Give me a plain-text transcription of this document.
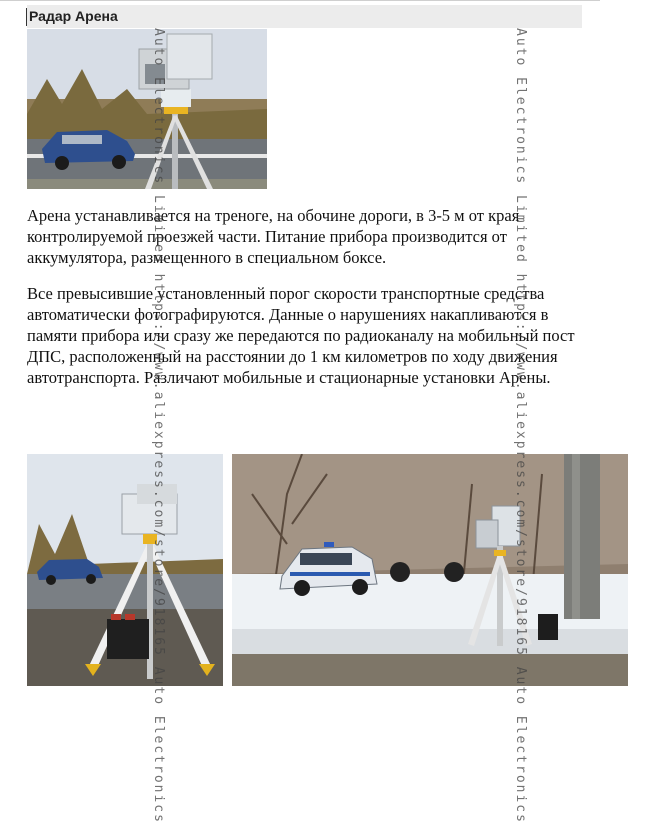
Радар Арена

Арена устанавливается на треноге, на обочине дороги, в 3-5 м от края контролируемой проезжей части. Питание прибора производится от аккумулятора, размещенного в специальном боксе.

Все превысившие установленный порог скорости транспортные средства автоматически фотографируются. Данные о нарушениях накапливаются в памяти прибора или сразу же передаются по радиоканалу на мобильный пост ДПС, расположенный на расстоянии до 1 км километров по ходу движения автотранспорта. Различают мобильные и стационарные установки Арены.

Auto Electronics Limited https://www.aliexpress.com/store/918165 Auto Electronics	Auto Electronics Limited https://www.aliexpress.com/store/918165 Auto Electronics
